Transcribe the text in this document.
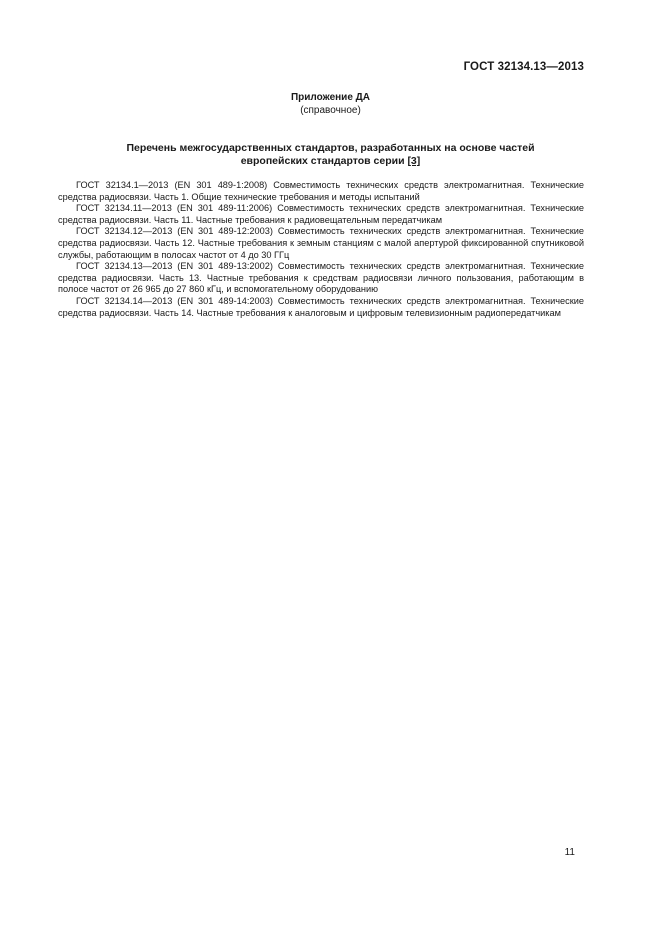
ГОСТ 32134.13—2013
Приложение ДА
(справочное)
Перечень межгосударственных стандартов, разработанных на основе частей
европейских стандартов серии [3]

ГОСТ 32134.1—2013 (EN 301 489-1:2008) Совместимость технических средств электромагнитная. Технические средства радиосвязи. Часть 1. Общие технические требования и методы испытаний

ГОСТ 32134.11—2013 (EN 301 489-11:2006) Совместимость технических средств электромагнитная. Технические средства радиосвязи. Часть 11. Частные требования к радиовещательным передатчикам

ГОСТ 32134.12—2013 (EN 301 489-12:2003) Совместимость технических средств электромагнитная. Технические средства радиосвязи. Часть 12. Частные требования к земным станциям с малой апертурой фиксированной спутниковой службы, работающим в полосах частот от 4 до 30 ГГц

ГОСТ 32134.13—2013 (EN 301 489-13:2002) Совместимость технических средств электромагнитная. Технические средства радиосвязи. Часть 13. Частные требования к средствам радиосвязи личного пользования, работающим в полосе частот от 26 965 до 27 860 кГц, и вспомогательному оборудованию

ГОСТ 32134.14—2013 (EN 301 489-14:2003) Совместимость технических средств электромагнитная. Технические средства радиосвязи. Часть 14. Частные требования к аналоговым и цифровым телевизионным радиопередатчикам

11
